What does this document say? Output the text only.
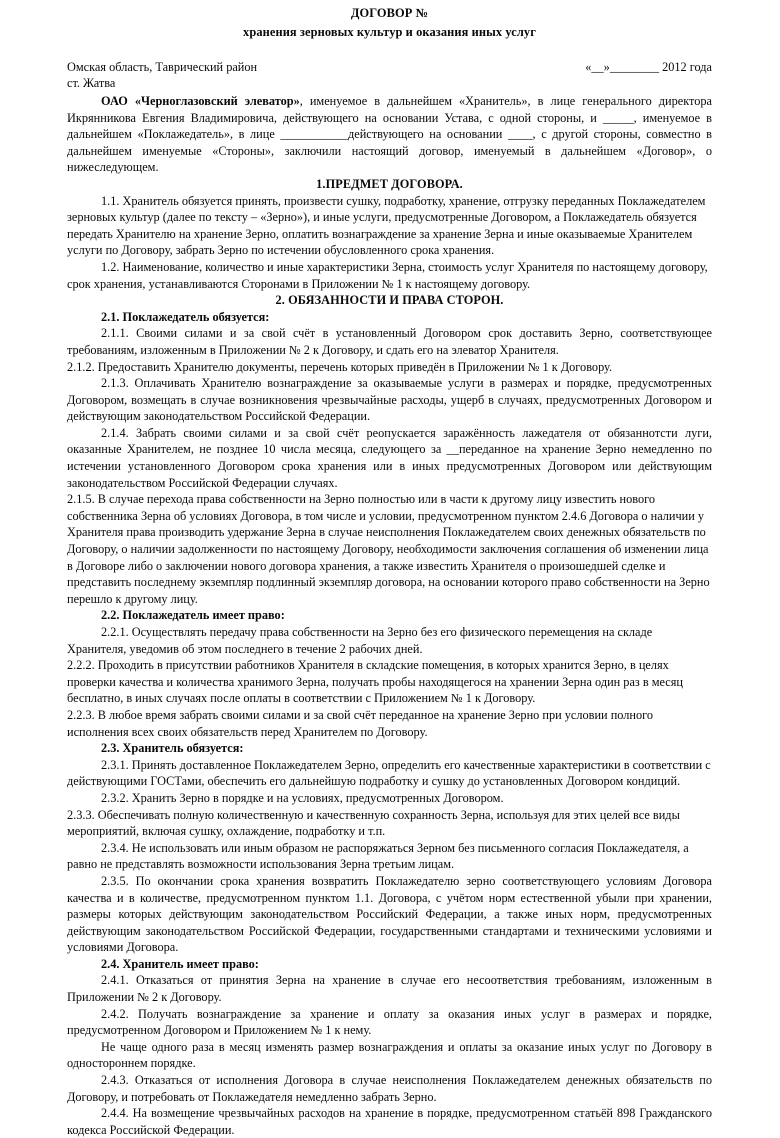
ДОГОВОР №
хранения зерновых культур и оказания иных услуг
Омская область, Таврический район
ст. Жатва
«__»________ 2012 года

ОАО «Черноглазовский элеватор», именуемое в дальнейшем «Хранитель», в лице генерального директора Икрянникова Евгения Владимировича, действующего на основании Устава, с одной стороны, и _____, именуемое в дальнейшем «Поклажедатель», в лице ___________действующего на основании ____, с другой стороны, совместно в дальнейшем именуемые «Стороны», заключили настоящий договор, именуемый в дальнейшем «Договор», о нижеследующем.

1.ПРЕДМЕТ ДОГОВОРА.

1.1. Хранитель обязуется принять, произвести сушку, подработку, хранение, отгрузку переданных Поклажедателем зерновых культур (далее по тексту – «Зерно»), и иные услуги, предусмотренные Договором, а Поклажедатель обязуется передать Хранителю на хранение Зерно, оплатить вознаграждение за хранение Зерна и иные оказываемые Хранителем услуги по Договору, забрать Зерно по истечении обусловленного срока хранения.

1.2. Наименование, количество и иные характеристики Зерна, стоимость услуг Хранителя по настоящему договору, срок хранения, устанавливаются Сторонами в Приложении № 1 к настоящему договору.

2. ОБЯЗАННОСТИ И ПРАВА СТОРОН.

2.1. Поклажедатель обязуется:

2.1.1. Своими силами и за свой счёт в установленный Договором срок доставить Зерно, соответствующее требованиям, изложенным в Приложении № 2 к Договору, и сдать его на элеватор Хранителя.

2.1.2. Предоставить Хранителю документы, перечень которых приведён в Приложении № 1 к Договору.

2.1.3. Оплачивать Хранителю вознаграждение за оказываемые услуги в размерах и порядке, предусмотренных Договором, возмещать в случае возникновения чрезвычайные расходы, ущерб в случаях, предусмотренных Договором и действующим законодательством Российской Федерации.

2.1.4. Забрать своими силами и за свой счёт реопускается заражённость лажедателя от обязаннотсти луги, оказанные Хранителем, не позднее 10 числа месяца, следующего за __переданное на хранение Зерно немедленно по истечении установленного Договором срока хранения или в иных предусмотренных Договором или действующим законодательством Российской Федерации случаях.

2.1.5. В случае перехода права собственности на Зерно полностью или в части к другому лицу известить нового собственника Зерна об условиях Договора, в том числе и условии, предусмотренном пунктом 2.4.6 Договора о наличии у Хранителя права производить удержание Зерна в случае неисполнения Поклажедателем своих денежных обязательств по Договору, о наличии задолженности по настоящему Договору, необходимости заключения соглашения об изменении лица в Договоре либо о заключении нового договора хранения, а также известить Хранителя о произошедшей сделке и представить последнему экземпляр подлинный экземпляр договора, на основании которого право собственности на Зерно перешло к другому лицу.

2.2. Поклажедатель имеет право:

2.2.1. Осуществлять передачу права собственности на Зерно без его физического перемещения на складе Хранителя, уведомив об этом последнего в течение 2 рабочих дней.

2.2.2. Проходить в присутствии работников Хранителя в складские помещения, в которых хранится Зерно, в целях проверки качества и количества хранимого Зерна, получать пробы находящегося на хранении Зерна один раз в месяц бесплатно, в иных случаях после оплаты в соответствии с Приложением № 1 к Договору.

2.2.3. В любое время забрать своими силами и за свой счёт переданное на хранение Зерно при условии полного исполнения всех своих обязательств перед Хранителем по Договору.

2.3. Хранитель обязуется:

2.3.1. Принять доставленное Поклажедателем Зерно, определить его качественные характеристики в соответствии с действующими ГОСТами, обеспечить его дальнейшую подработку и сушку до установленных Договором кондиций.

2.3.2. Хранить Зерно в порядке и на условиях, предусмотренных Договором.

2.3.3. Обеспечивать полную количественную и качественную сохранность Зерна, используя для этих целей все виды мероприятий, включая сушку, охлаждение, подработку и т.п.

2.3.4. Не использовать или иным образом не распоряжаться Зерном без письменного согласия Поклажедателя, а равно не представлять возможности использования Зерна третьим лицам.

2.3.5. По окончании срока хранения возвратить Поклажедателю зерно соответствующего условиям Договора качества и в количестве, предусмотренном пунктом 1.1. Договора, с учётом норм естественной убыли при хранении, размеры которых действующим законодательством Российский Федерации, а также иных норм, предусмотренных действующим законодательством Российской Федерации, государственными стандартами и техническими условиями и условиями Договора.

2.4. Хранитель имеет право:

2.4.1. Отказаться от принятия Зерна на хранение в случае его несоответствия требованиям, изложенным в Приложении № 2 к Договору.

2.4.2. Получать вознаграждение за хранение и оплату за оказания иных услуг в размерах и порядке, предусмотренном Договором и Приложением № 1 к нему.

Не чаще одного раза в месяц изменять размер вознаграждения и оплаты за оказание иных услуг по Договору в одностороннем порядке.

2.4.3. Отказаться от исполнения Договора в случае неисполнения Поклажедателем денежных обязательств по Договору, и потребовать от Поклажедателя немедленно забрать Зерно.

2.4.4. На возмещение чрезвычайных расходов на хранение в порядке, предусмотренном статьёй 898 Гражданского кодекса Российской Федерации.
